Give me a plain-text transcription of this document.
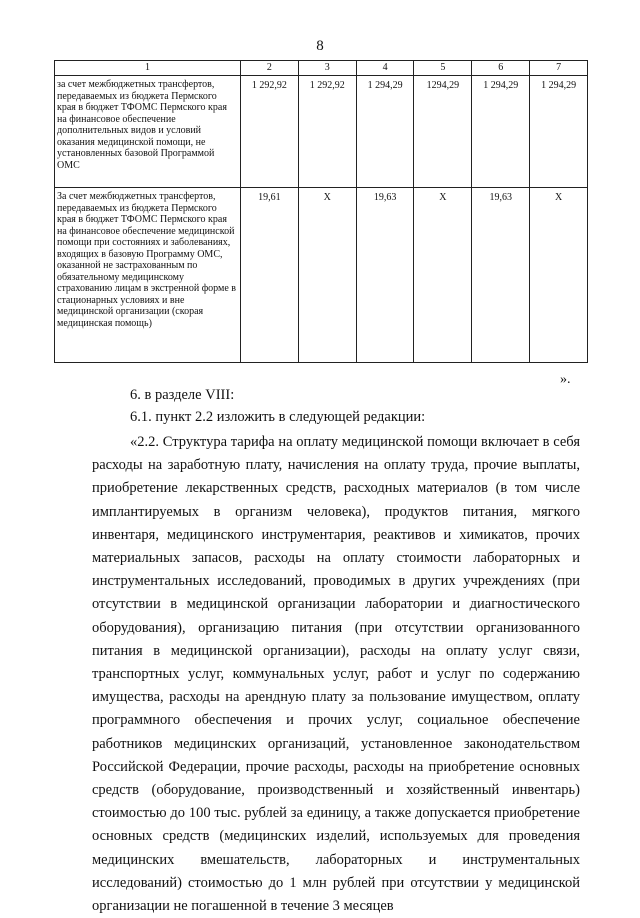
8
1	2	3	4	5	6	7
за счет межбюджетных трансфертов, передаваемых из бюджета Пермского края в бюджет ТФОМС Пермского края на финансовое обеспечение дополнительных видов и условий оказания медицинской помощи, не установленных базовой Программой ОМС	1 292,92	1 292,92	1 294,29	1294,29	1 294,29	1 294,29
За счет межбюджетных трансфертов, передаваемых из бюджета Пермского края в бюджет ТФОМС Пермского края на финансовое обеспечение медицинской помощи при состояниях и заболеваниях, входящих в базовую Программу ОМС, оказанной не застрахованным по обязательному медицинскому страхованию лицам в экстренной форме в стационарных условиях и вне медицинской организации (скорая медицинская помощь)	19,61	X	19,63	X	19,63	X
».
6. в разделе VIII:
6.1. пункт 2.2 изложить в следующей редакции:

«2.2. Структура тарифа на оплату медицинской помощи включает в себя расходы на заработную плату, начисления на оплату труда, прочие выплаты, приобретение лекарственных средств, расходных материалов (в том числе имплантируемых в организм человека), продуктов питания, мягкого инвентаря, медицинского инструментария, реактивов и химикатов, прочих материальных запасов, расходы на оплату стоимости лабораторных и инструментальных исследований, проводимых в других учреждениях (при отсутствии в медицинской организации лаборатории и диагностического оборудования), организацию питания (при отсутствии организованного питания в медицинской организации), расходы на оплату услуг связи, транспортных услуг, коммунальных услуг, работ и услуг по содержанию имущества, расходы на арендную плату за пользование имуществом, оплату программного обеспечения и прочих услуг, социальное обеспечение работников медицинских организаций, установленное законодательством Российской Федерации, прочие расходы, расходы на приобретение основных средств (оборудование, производственный и хозяйственный инвентарь) стоимостью до 100 тыс. рублей за единицу, а также допускается приобретение основных средств (медицинских изделий, используемых для проведения медицинских вмешательств, лабораторных и инструментальных исследований) стоимостью до 1 млн рублей при отсутствии у медицинской организации не погашенной в течение 3 месяцев
